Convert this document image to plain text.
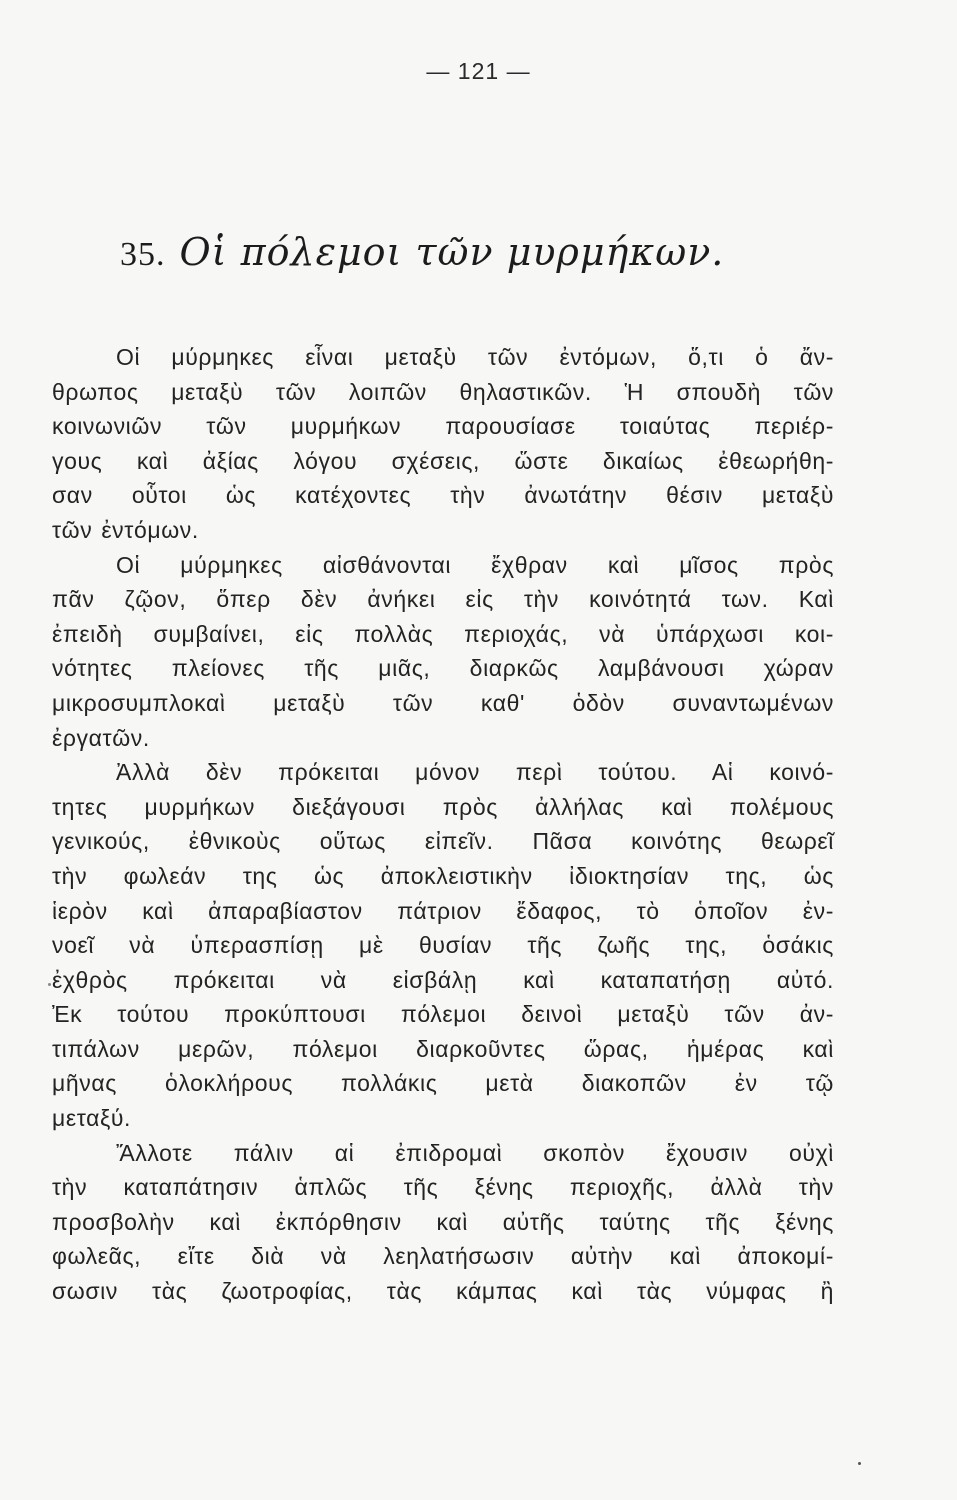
— 121 —
35. Οἱ πόλεμοι τῶν μυρμήκων.

Οἱ μύρμηκες εἶναι μεταξὺ τῶν ἐντόμων, ὅ,τι ὁ ἄν-
θρωπος μεταξὺ τῶν λοιπῶν θηλαστικῶν. Ἡ σπουδὴ τῶν
κοινωνιῶν τῶν μυρμήκων παρουσίασε τοιαύτας περιέρ-
γους καὶ ἀξίας λόγου σχέσεις, ὥστε δικαίως ἐθεωρήθη-
σαν οὗτοι ὡς κατέχοντες τὴν ἀνωτάτην θέσιν μεταξὺ
τῶν ἐντόμων.

Οἱ μύρμηκες αἰσθάνονται ἔχθραν καὶ μῖσος πρὸς
πᾶν ζῷον, ὅπερ δὲν ἀνήκει εἰς τὴν κοινότητά των. Καὶ
ἐπειδὴ συμβαίνει, εἰς πολλὰς περιοχάς, νὰ ὑπάρχωσι κοι-
νότητες πλείονες τῆς μιᾶς, διαρκῶς λαμβάνουσι χώραν
μικροσυμπλοκαὶ μεταξὺ τῶν καθ' ὁδὸν συναντωμένων
ἐργατῶν.

Ἀλλὰ δὲν πρόκειται μόνον περὶ τούτου. Αἱ κοινό-
τητες μυρμήκων διεξάγουσι πρὸς ἀλλήλας καὶ πολέμους
γενικούς, ἐθνικοὺς οὕτως εἰπεῖν. Πᾶσα κοινότης θεωρεῖ
τὴν φωλεάν της ὡς ἀποκλειστικὴν ἰδιοκτησίαν της, ὡς
ἱερὸν καὶ ἀπαραβίαστον πάτριον ἔδαφος, τὸ ὁποῖον ἐν-
νοεῖ νὰ ὑπερασπίσῃ μὲ θυσίαν τῆς ζωῆς της, ὁσάκις
ἐχθρὸς πρόκειται νὰ εἰσβάλῃ καὶ καταπατήσῃ αὐτό.
Ἐκ τούτου προκύπτουσι πόλεμοι δεινοὶ μεταξὺ τῶν ἀν-
τιπάλων μερῶν, πόλεμοι διαρκοῦντες ὥρας, ἡμέρας καὶ
μῆνας ὁλοκλήρους πολλάκις μετὰ διακοπῶν ἐν τῷ
μεταξύ.

Ἄλλοτε πάλιν αἱ ἐπιδρομαὶ σκοπὸν ἔχουσιν οὐχὶ
τὴν καταπάτησιν ἁπλῶς τῆς ξένης περιοχῆς, ἀλλὰ τὴν
προσβολὴν καὶ ἐκπόρθησιν καὶ αὐτῆς ταύτης τῆς ξένης
φωλεᾶς, εἴτε διὰ νὰ λεηλατήσωσιν αὐτὴν καὶ ἀποκομί-
σωσιν τὰς ζωοτροφίας, τὰς κάμπας καὶ τὰς νύμφας ἢ
